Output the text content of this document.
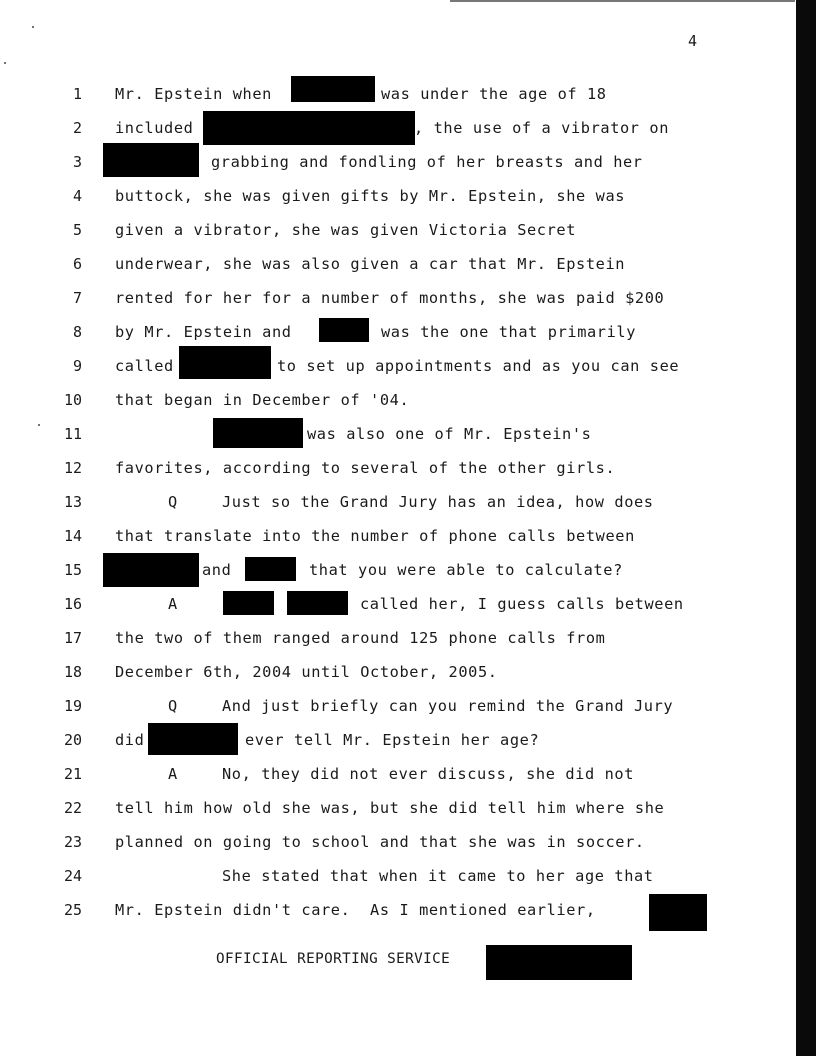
4
1 Mr. Epstein when	was under the age of 18
2 included	, the use of a vibrator on
3	grabbing and fondling of her breasts and her
4 buttock, she was given gifts by Mr. Epstein, she was
5 given a vibrator, she was given Victoria Secret
6 underwear, she was also given a car that Mr. Epstein
7 rented for her for a number of months, she was paid $200
8 by Mr. Epstein and	was the one that primarily
9 called	to set up appointments and as you can see
10 that began in December of '04.
11	was also one of Mr. Epstein's
12 favorites, according to several of the other girls.
13	Q	Just so the Grand Jury has an idea, how does
14 that translate into the number of phone calls between
15	and	that you were able to calculate?
16	A	called her, I guess calls between
17 the two of them ranged around 125 phone calls from
18 December 6th, 2004 until October, 2005.
19	Q	And just briefly can you remind the Grand Jury
20 did	ever tell Mr. Epstein her age?
21	A	No, they did not ever discuss, she did not
22 tell him how old she was, but she did tell him where she
23 planned on going to school and that she was in soccer.
24	She stated that when it came to her age that
25 Mr. Epstein didn't care.  As I mentioned earlier,
OFFICIAL REPORTING SERVICE
